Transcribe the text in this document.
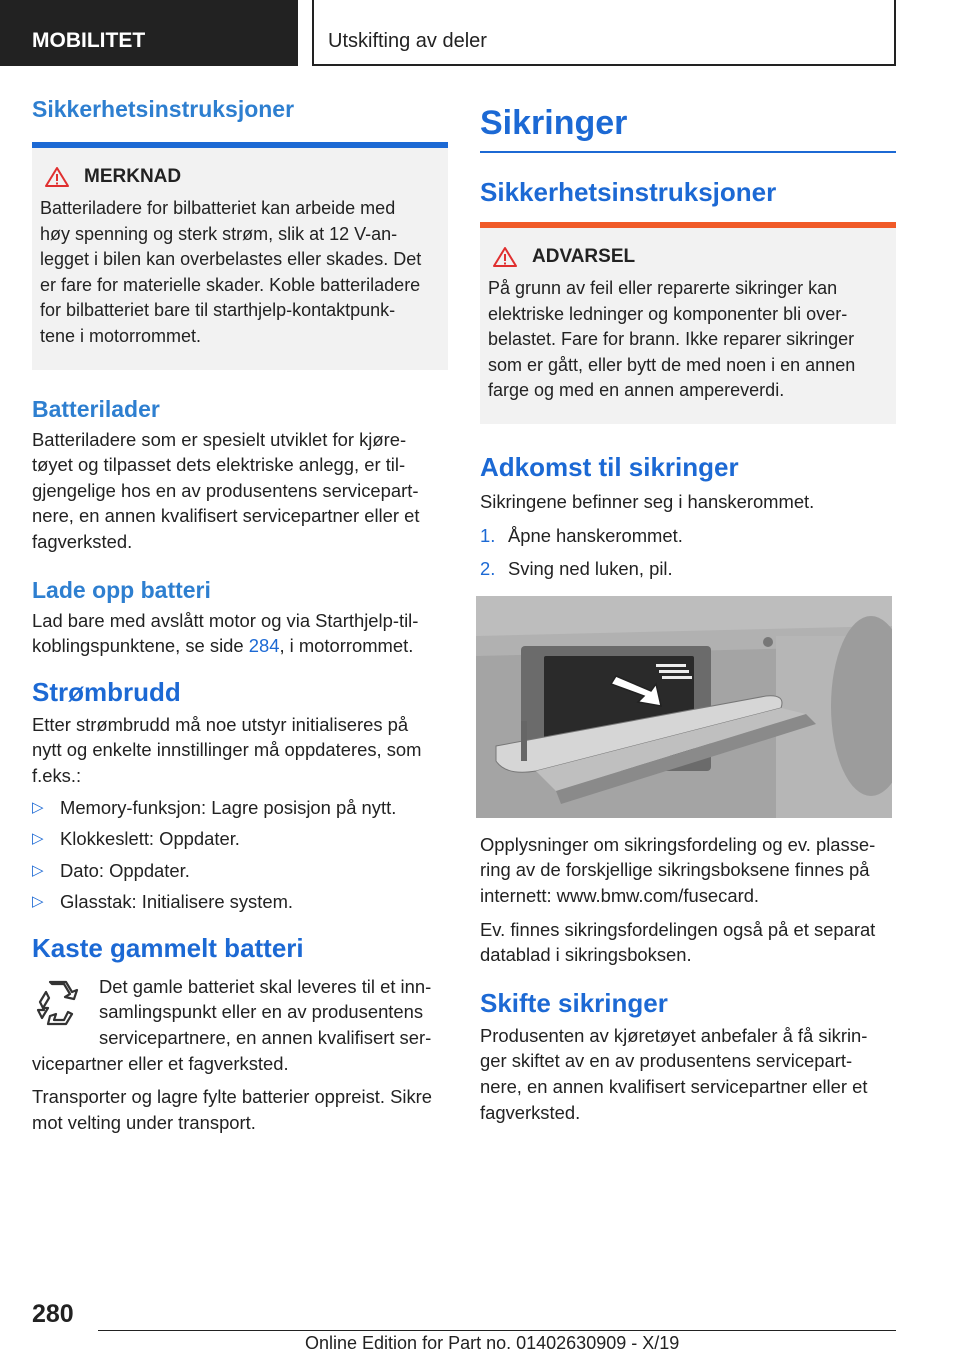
MOBILITET	Utskifting av deler
Sikkerhetsinstruksjoner
MERKNAD

Batteriladere for bilbatteriet kan arbeide med
høy spenning og sterk strøm, slik at 12 V-an-
legget i bilen kan overbelastes eller skades. Det
er fare for materielle skader. Koble batteriladere
for bilbatteriet bare til starthjelp-kontaktpunk-
tene i motorrommet.

Batterilader

Batteriladere som er spesielt utviklet for kjøre-
tøyet og tilpasset dets elektriske anlegg, er til-
gjengelige hos en av produsentens servicepart-
nere, en annen kvalifisert servicepartner eller et
fagverksted.

Lade opp batteri

Lad bare med avslått motor og via Starthjelp-til-
koblingspunktene, se side 284, i motorrommet.

Strømbrudd

Etter strømbrudd må noe utstyr initialiseres på
nytt og enkelte innstillinger må oppdateres, som
f.eks.:

▷ Memory-funksjon: Lagre posisjon på nytt.
▷ Klokkeslett: Oppdater.
▷ Dato: Oppdater.
▷ Glasstak: Initialisere system.
Kaste gammelt batteri

Det gamle batteriet skal leveres til et inn-
samlingspunkt eller en av produsentens
servicepartnere, en annen kvalifisert ser-

vicepartner eller et fagverksted.

Transporter og lagre fylte batterier oppreist. Sikre
mot velting under transport.

Sikringer
Sikkerhetsinstruksjoner
ADVARSEL

På grunn av feil eller reparerte sikringer kan
elektriske ledninger og komponenter bli over-
belastet. Fare for brann. Ikke reparer sikringer
som er gått, eller bytt de med noen i en annen
farge og med en annen ampereverdi.

Adkomst til sikringer

Sikringene befinner seg i hanskerommet.

1. Åpne hanskerommet.
2. Sving ned luken, pil.

Opplysninger om sikringsfordeling og ev. plasse-
ring av de forskjellige sikringsboksene finnes på
internett: www.bmw.com/fusecard.

Ev. finnes sikringsfordelingen også på et separat
datablad i sikringsboksen.

Skifte sikringer

Produsenten av kjøretøyet anbefaler å få sikrin-
ger skiftet av en av produsentens servicepart-
nere, en annen kvalifisert servicepartner eller et
fagverksted.

280
Online Edition for Part no. 01402630909 - X/19
